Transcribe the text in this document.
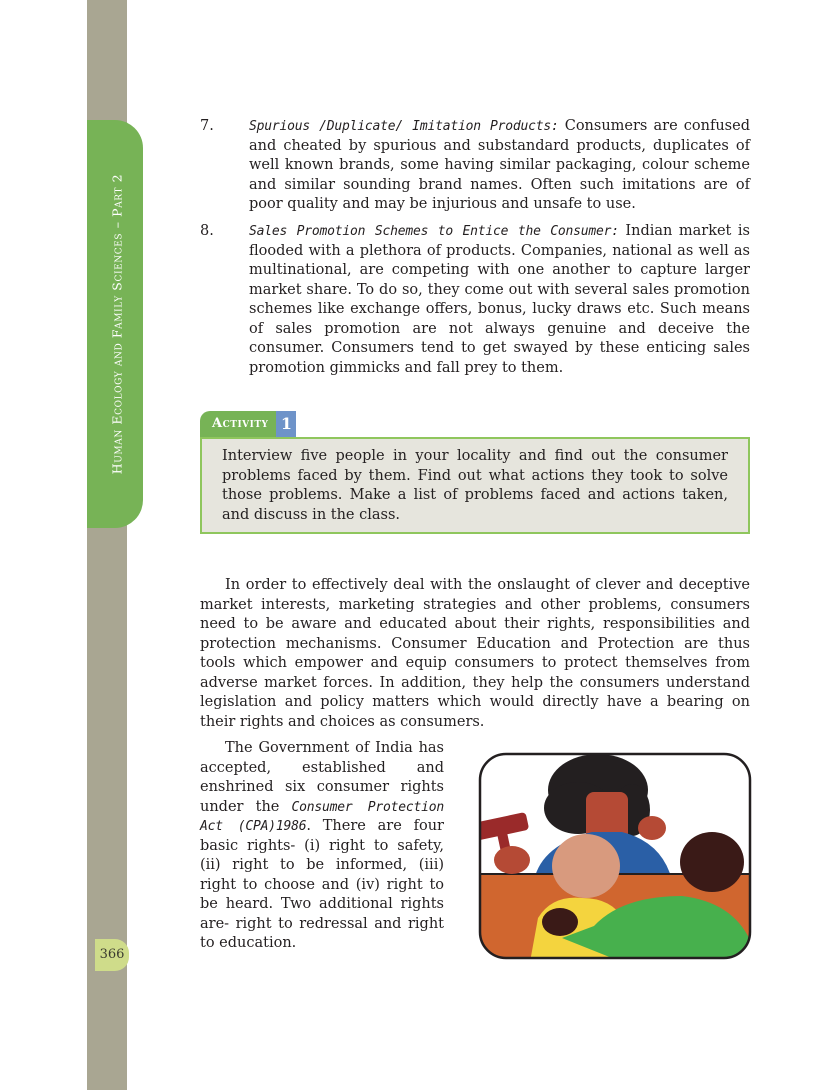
Human Ecology and Family Sciences – Part 2
366
7.	Spurious /Duplicate/ Imitation Products: Consumers are confused and cheated by spurious and substandard products, duplicates of well known brands, some having similar packaging, colour scheme and similar sounding brand names. Often such imitations are of poor quality and may be injurious and unsafe to use.
8.	Sales Promotion Schemes to Entice the Consumer: Indian market is flooded with a plethora of products. Companies, national as well as multinational, are competing with one another to capture larger market share. To do so, they come out with several sales promotion schemes like exchange offers, bonus, lucky draws etc. Such means of sales promotion are not always genuine and deceive the consumer. Consumers tend to get swayed by these enticing sales promotion gimmicks and fall prey to them.
Activity 1
Interview five people in your locality and find out the consumer problems faced by them. Find out what actions they took to solve those problems. Make a list of problems faced and actions taken, and discuss in the class.
In order to effectively deal with the onslaught of clever and deceptive market interests, marketing strategies and other problems, consumers need to be aware and educated about their rights, responsibilities and protection mechanisms. Consumer Education and Protection are thus tools which empower and equip consumers to protect themselves from adverse market forces. In addition, they help the consumers understand legislation and policy matters which would directly have a bearing on their rights and choices as consumers.
The Government of India has accepted, established and enshrined six consumer rights under the Consumer Protection Act (CPA)1986. There are four basic rights- (i) right to safety, (ii) right to be informed, (iii) right to choose and (iv) right to be heard. Two additional rights are- right to redressal and right to education.
